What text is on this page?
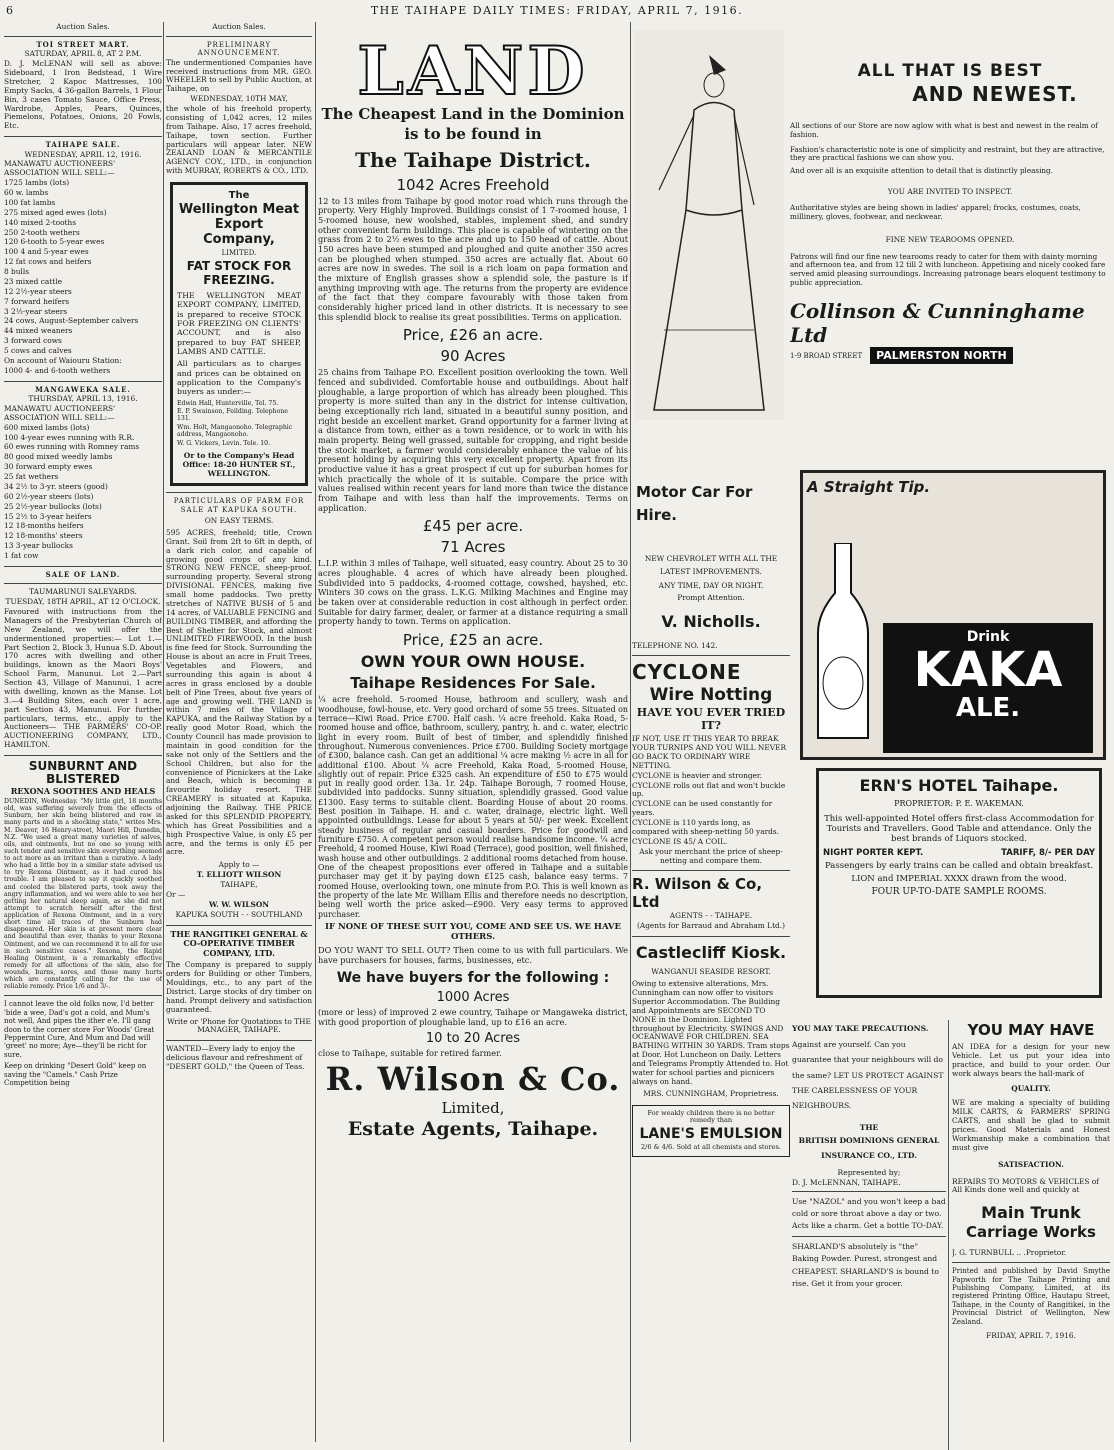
6	THE TAIHAPE DAILY TIMES: FRIDAY, APRIL 7, 1916.

Auction Sales.

TOI STREET MART.

SATURDAY, APRIL 8, AT 2 P.M.

D. J. McLENAN will sell as above: Sideboard, 1 Iron Bedstead, 1 Wire Stretcher, 2 Kapoc Mattresses, 100 Empty Sacks, 4 36-gallon Barrels, 1 Flour Bin, 3 cases Tomato Sauce, Office Press, Wardrobe, Apples, Pears, Quinces, Piemelons, Potatoes, Onions, 20 Fowls, Etc.

TAIHAPE SALE.

WEDNESDAY, APRIL 12, 1916.

MANAWATU AUCTIONEERS' ASSOCIATION WILL SELL:—

1725 lambs (lots)

60 w. lambs

100 fat lambs

275 mixed aged ewes (lots)

140 mixed 2-tooths

250 2-tooth wethers

120 6-tooth to 5-year ewes

100 4 and 5-year ewes

12 fat cows and heifers

8 bulls

23 mixed cattle

12 2½-year steers

7 forward heifers

3 2½-year steers

24 cows, August-September calvers

44 mixed weaners

3 forward cows

5 cows and calves

On account of Waiouru Station:

1000 4- and 6-tooth wethers

MANGAWEKA SALE.

THURSDAY, APRIL 13, 1916.

MANAWATU AUCTIONEERS' ASSOCIATION WILL SELL:—

600 mixed lambs (lots)

100 4-year ewes running with R.R.

60 ewes running with Romney rams

80 good mixed weedly lambs

30 forward empty ewes

25 fat wethers

34 2½ to 3-yr. steers (good)

60 2½-year steers (lots)

25 2½-year bullocks (lots)

15 2½ to 3-year heifers

12 18-months heifers

12 18-months' steers

13 3-year bullocks

1 fat cow

SALE OF LAND.

TAUMARUNUI SALEYARDS.

TUESDAY, 18TH APRIL, AT 12 O'CLOCK.

Favoured with instructions from the Managers of the Presbyterian Church of New Zealand, we will offer the undermentioned properties:— Lot 1.—Part Section 2, Block 3, Hunua S.D. About 170 acres with dwelling and other buildings, known as the Maori Boys' School Farm, Manunui. Lot 2.—Part Section 43, Village of Manunui, 1 acre with dwelling, known as the Manse. Lot 3.—4 Building Sites, each over 1 acre, part Section 43, Manunui. For further particulars, terms, etc., apply to the Auctioneers— THE FARMERS' CO-OP. AUCTIONEERING COMPANY, LTD., HAMILTON.

SUNBURNT AND BLISTERED

REXONA SOOTHES AND HEALS

DUNEDIN, Wednesday. "My little girl, 18 months old, was suffering severely from the effects of Sunburn, her skin being blistered and raw in many parts and in a shocking state," writes Mrs. M. Deaver, 16 Henry-street, Maori Hill, Dunedin, N.Z. "We used a great many varieties of salves, oils, and ointments, but no one so young with such tender and sensitive skin everything seemed to act more as an irritant than a curative. A lady who had a little boy in a similar state advised us to try Rexona Ointment, as it had cured his trouble. I am pleased to say it quickly soothed and cooled the blistered parts, took away the angry inflammation, and we were able to see her getting her natural sleep again, as she did not attempt to scratch herself after the first application of Rexona Ointment, and in a very short time all traces of the Sunburn had disappeared. Her skin is at present more clear and beautiful than ever, thanks to your Rexona Ointment, and we can recommend it to all for use in such sensitive cases." Rexona, the Rapid Healing Ointment, is a remarkably effective remedy for all affections of the skin, also for wounds, burns, sores, and those many hurts which are constantly calling for the use of reliable remedy. Price 1/6 and 3/-.

I cannot leave the old folks now, I'd better 'bide a wee, Dad's got a cold, and Mum's not well, And pipes the ither e'e. I'll gang doon to the corner store For Woods' Great Peppermint Cure, And Mum and Dad will 'greet' no more; Aye—they'll be richt for sure.

Keep on drinking "Desert Gold" keep on saving the "Camels." Cash Prize Competition being

Auction Sales.

PRELIMINARY ANNOUNCEMENT.

The undermentioned Companies have received instructions from MR. GEO. WHEELER to sell by Public Auction, at Taihape, on

WEDNESDAY, 10TH MAY,

the whole of his freehold property, consisting of 1,042 acres, 12 miles from Taihape. Also, 17 acres freehold, Taihape, town section. Further particulars will appear later. NEW ZEALAND LOAN & MERCANTILE AGENCY COY., LTD., in conjunction with MURRAY, ROBERTS & CO., LTD.

The

Wellington Meat Export Company,

LIMITED.

FAT STOCK FOR FREEZING.

THE WELLINGTON MEAT EXPORT COMPANY, LIMITED, is prepared to receive STOCK FOR FREEZING ON CLIENTS' ACCOUNT, and is also prepared to buy FAT SHEEP, LAMBS AND CATTLE.

All particulars as to charges and prices can be obtained on application to the Company's buyers as under:—

Edwin Hall, Hunterville, Tel. 75.

E. P. Swainson, Feilding. Telephone 131.

Wm. Holt, Mangaonoho. Telegraphic address, Mangaonoho.

W. G. Vickers, Levin. Tele. 10.

Or to the Company's Head Office: 18-20 HUNTER ST., WELLINGTON.

PARTICULARS OF FARM FOR SALE AT KAPUKA SOUTH.

ON EASY TERMS.

595 ACRES, freehold; title, Crown Grant. Soil from 2ft to 6ft in depth, of a dark rich color, and capable of growing good crops of any kind. STRONG NEW FENCE, sheep-proof, surrounding property. Several strong DIVISIONAL FENCES, making five small home paddocks. Two pretty stretches of NATIVE BUSH of 5 and 14 acres, of VALUABLE FENCING and BUILDING TIMBER, and affording the Best of Shelter for Stock, and almost UNLIMITED FIREWOOD. In the bush is fine feed for Stock. Surrounding the House is about an acre in Fruit Trees, Vegetables and Flowers, and surrounding this again is about 4 acres in grass enclosed by a double belt of Pine Trees, about five years of age and growing well. THE LAND is within 7 miles of the Village of KAPUKA, and the Railway Station by a really good Motor Road, which the County Council has made provision to maintain in good condition for the sake not only of the Settlers and the School Children, but also for the convenience of Picnickers at the Lake and Beach, which is becoming a favourite holiday resort. THE CREAMERY is situated at Kapuka, adjoining the Railway. THE PRICE asked for this SPLENDID PROPERTY, which has Great Possibilities and a high Prospective Value, is only £5 per acre, and the terms is only £5 per acre.

Apply to —

T. ELLIOTT WILSON

TAIHAPE,

Or —

W. W. WILSON

KAPUKA SOUTH - - SOUTHLAND

THE RANGITIKEI GENERAL & CO-OPERATIVE TIMBER COMPANY, LTD.

The Company is prepared to supply orders for Building or other Timbers, Mouldings, etc., to any part of the District. Large stocks of dry timber on hand. Prompt delivery and satisfaction guaranteed.

Write or 'Phone for Quotations to THE MANAGER, TAIHAPE.

WANTED—Every lady to enjoy the delicious flavour and refreshment of "DESERT GOLD," the Queen of Teas.

LAND

The Cheapest Land in the Dominion

is to be found in

The Taihape District.

1042 Acres Freehold

12 to 13 miles from Taihape by good motor road which runs through the property. Very Highly Improved. Buildings consist of 1 7-roomed house, 1 5-roomed house, new woolshed, stables, implement shed, and sundry other convenient farm buildings. This place is capable of wintering on the grass from 2 to 2½ ewes to the acre and up to 150 head of cattle. About 150 acres have been stumped and ploughed and quite another 350 acres can be ploughed when stumped. 350 acres are actually flat. About 60 acres are now in swedes. The soil is a rich loam on papa formation and the mixture of English grasses show a splendid sole, the pasture is if anything improving with age. The returns from the property are evidence of the fact that they compare favourably with those taken from considerably higher priced land in other districts. It is necessary to see this splendid block to realise its great possibilities. Terms on application.

Price, £26 an acre.

90 Acres

25 chains from Taihape P.O. Excellent position overlooking the town. Well fenced and subdivided. Comfortable house and outbuildings. About half ploughable, a large proportion of which has already been ploughed. This property is more suited than any in the district for intense cultivation, being exceptionally rich land, situated in a beautiful sunny position, and right beside an excellent market. Grand opportunity for a farmer living at a distance from town, either as a town residence, or to work in with his main property. Being well grassed, suitable for cropping, and right beside the stock market, a farmer would considerably enhance the value of his present holding by acquiring this very excellent property. Apart from its productive value it has a great prospect if cut up for suburban homes for which practically the whole of it is suitable. Compare the price with values realised within recent years for land more than twice the distance from Taihape and with less than half the improvements. Terms on application.

£45 per acre.

71 Acres

L.I.P. within 3 miles of Taihape, well situated, easy country. About 25 to 30 acres ploughable. 4 acres of which have already been ploughed. Subdivided into 5 paddocks, 4-roomed cottage, cowshed, hayshed, etc. Winters 30 cows on the grass. L.K.G. Milking Machines and Engine may be taken over at considerable reduction in cost although in perfect order. Suitable for dairy farmer, dealer, or farmer at a distance requiring a small property handy to town. Terms on application.

Price, £25 an acre.

OWN YOUR OWN HOUSE.

Taihape Residences For Sale.

¼ acre freehold. 5-roomed House, bathroom and scullery, wash and woodhouse, fowl-house, etc. Very good orchard of some 55 trees. Situated on terrace—Kiwi Road. Price £700. Half cash. ¼ acre freehold. Kaka Road, 5-roomed house and office, bathroom, scullery, pantry, h. and c. water, electric light in every room. Built of best of timber, and splendidly finished throughout. Numerous conveniences. Price £700. Building Society mortgage of £300, balance cash. Can get an additional ¼ acre making ½ acre in all for additional £100. About ¼ acre Freehold, Kaka Road, 5-roomed House, slightly out of repair. Price £325 cash. An expenditure of £50 to £75 would put in really good order. 13a. 1r. 24p. Taihape Borough, 7 roomed House, subdivided into paddocks. Sunny situation, splendidly grassed. Good value £1300. Easy terms to suitable client. Boarding House of about 20 rooms. Best position in Taihape. H. and c. water, drainage, electric light. Well appointed outbuildings. Lease for about 5 years at 50/- per week. Excellent steady business of regular and casual boarders. Price for goodwill and furniture £750. A competent person would realise handsome income. ¼ acre Freehold, 4 roomed House, Kiwi Road (Terrace), good position, well finished, wash house and other outbuildings. 2 additional rooms detached from house. One of the cheapest propositions ever offered in Taihape and a suitable purchaser may get it by paying down £125 cash, balance easy terms. 7 roomed House, overlooking town, one minute from P.O. This is well known as the property of the late Mr. William Ellis and therefore needs no description, being well worth the price asked—£900. Very easy terms to approved purchaser.

IF NONE OF THESE SUIT YOU, COME AND SEE US. WE HAVE OTHERS.

DO YOU WANT TO SELL OUT? Then come to us with full particulars. We have purchasers for houses, farms, businesses, etc.

We have buyers for the following :

1000 Acres

(more or less) of improved 2 ewe country, Taihape or Mangaweka district, with good proportion of ploughable land, up to £16 an acre.

10 to 20 Acres

close to Taihape, suitable for retired farmer.

R. Wilson & Co.

Limited,

Estate Agents, Taihape.

Motor Car For Hire.

NEW CHEVROLET WITH ALL THE LATEST IMPROVEMENTS.

ANY TIME, DAY OR NIGHT.

Prompt Attention.

V. Nicholls.

TELEPHONE NO. 142.

CYCLONE

Wire Notting

HAVE YOU EVER TRIED IT?

IF NOT, USE IT THIS YEAR TO BREAK YOUR TURNIPS AND YOU WILL NEVER GO BACK TO ORDINARY WIRE NETTING.

CYCLONE is heavier and stronger.

CYCLONE rolls out flat and won't buckle up.

CYCLONE can be used constantly for years.

CYCLONE is 110 yards long, as compared with sheep-netting 50 yards.

CYCLONE IS 45/ A COIL.

Ask your merchant the price of sheep-netting and compare them.

R. Wilson & Co, Ltd

AGENTS - - TAIHAPE.

(Agents for Barraud and Abraham Ltd.)

Castlecliff Kiosk.

WANGANUI SEASIDE RESORT.

Owing to extensive alterations, Mrs. Cunningham can now offer to visitors Superior Accommodation. The Building and Appointments are SECOND TO NONE in the Dominion. Lighted throughout by Electricity. SWINGS AND OCEANWAVE FOR CHILDREN. SEA BATHING WITHIN 30 YARDS. Tram stops at Door. Hot Luncheon on Daily. Letters and Telegrams Promptly Attended to. Hot water for school parties and picnicers always on hand.

MRS. CUNNINGHAM, Proprietress.

For weakly children there is no better remedy than

LANE'S EMULSION

2/6 & 4/6. Sold at all chemists and stores.

ALL THAT IS BEST

AND NEWEST.

All sections of our Store are now aglow with what is best and newest in the realm of fashion.

Fashion's characteristic note is one of simplicity and restraint, but they are attractive, they are practical fashions we can show you.

And over all is an exquisite attention to detail that is distinctly pleasing.

YOU ARE INVITED TO INSPECT.

Authoritative styles are being shown in ladies' apparel; frocks, costumes, coats, millinery, gloves, footwear, and neckwear.

FINE NEW TEAROOMS OPENED.

Patrons will find our fine new tearooms ready to cater for them with dainty morning and afternoon tea, and from 12 till 2 with luncheon. Appetising and nicely cooked fare served amid pleasing surroundings. Increasing patronage bears eloquent testimony to public appreciation.

Collinson & Cunninghame Ltd
1-9 BROAD STREET	PALMERSTON NORTH

A Straight Tip.

Drink

KAKA

ALE.

ERN'S HOTEL Taihape.

PROPRIETOR: P. E. WAKEMAN.

This well-appointed Hotel offers first-class Accommodation for Tourists and Travellers. Good Table and attendance. Only the best brands of Liquors stocked.

NIGHT PORTER KEPT.	TARIFF, 8/- PER DAY

Passengers by early trains can be called and obtain breakfast.

LION and IMPERIAL XXXX drawn from the wood.

FOUR UP-TO-DATE SAMPLE ROOMS.

YOU MAY TAKE PRECAUTIONS.

Against are yourself. Can you guarantee that your neighbours will do the same? LET US PROTECT AGAINST THE CARELESSNESS OF YOUR NEIGHBOURS.

THE

BRITISH DOMINIONS GENERAL INSURANCE CO., LTD.

Represented by;

D. J. McLENNAN, TAIHAPE.

Use "NAZOL" and you won't keep a bad cold or sore throat above a day or two. Acts like a charm. Get a bottle TO-DAY.

SHARLAND'S absolutely is "the" Baking Powder. Purest, strongest and CHEAPEST. SHARLAND'S is bound to rise. Get it from your grocer.

YOU MAY HAVE

AN IDEA for a design for your new Vehicle. Let us put your idea into practice, and build to your order. Our work always bears the hall-mark of

QUALITY.

WE are making a specialty of building MILK CARTS, & FARMERS' SPRING CARTS, and shall be glad to submit prices. Good Materials and Honest Workmanship make a combination that must give

SATISFACTION.

REPAIRS TO MOTORS & VEHICLES of All Kinds done well and quickly at

Main Trunk

Carriage Works

J. G. TURNBULL .. .Proprietor.

Printed and published by David Smythe Papworth for The Taihape Printing and Publishing Company, Limited, at its registered Printing Office, Hautapu Street, Taihape, in the County of Rangitikei, in the Provincial District of Wellington, New Zealand.

FRIDAY, APRIL 7, 1916.
